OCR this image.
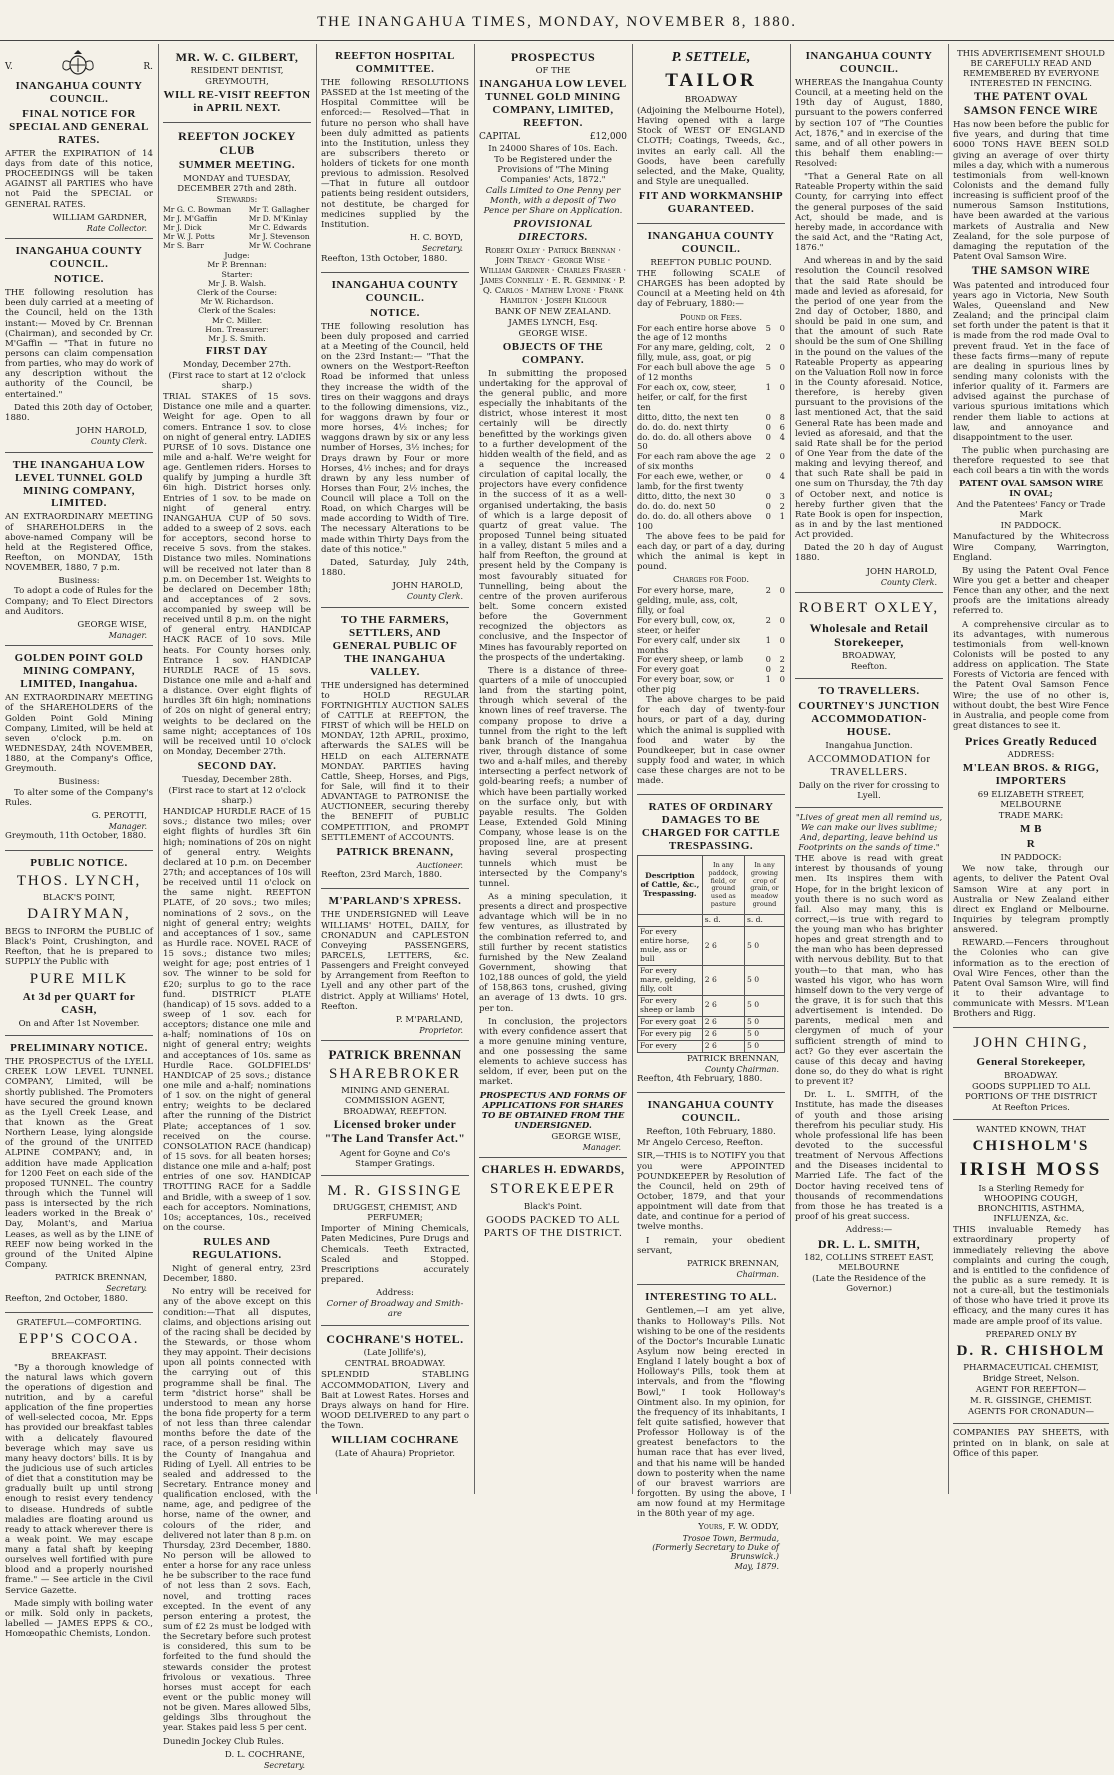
THE INANGAHUA TIMES, MONDAY, NOVEMBER 8, 1880.
V.	R.
INANGAHUA COUNTY COUNCIL.
FINAL NOTICE FOR SPECIAL AND GENERAL RATES.

AFTER the EXPIRATION of 14 days from date of this notice, PROCEEDINGS will be taken AGAINST all PARTIES who have not Paid the SPECIAL or GENERAL RATES.

WILLIAM GARDNER,
Rate Collector.
INANGAHUA COUNTY COUNCIL.
NOTICE.

THE following resolution has been duly carried at a meeting of the Council, held on the 13th instant:— Moved by Cr. Brennan (Chairman), and seconded by Cr. M'Gaffin — "That in future no persons can claim compensation from parties, who may do work of any description without the authority of the Council, be entertained."

Dated this 20th day of October, 1880.

JOHN HAROLD,
County Clerk.
THE INANGAHUA LOW LEVEL TUNNEL GOLD MINING COMPANY, LIMITED.

AN EXTRAORDINARY MEETING of SHAREHOLDERS in the above-named Company will be held at the Registered Office, Reefton, on MONDAY, 15th NOVEMBER, 1880, 7 p.m.

Business:

To adopt a code of Rules for the Company; and To Elect Directors and Auditors.

GEORGE WISE,
Manager.
GOLDEN POINT GOLD MINING COMPANY, LIMITED, Inangahua.

AN EXTRAORDINARY MEETING of the SHAREHOLDERS of the Golden Point Gold Mining Company, Limited, will be held at seven o'clock p.m. on WEDNESDAY, 24th NOVEMBER, 1880, at the Company's Office, Greymouth.

Business:

To alter some of the Company's Rules.

G. PEROTTI,
Manager.

Greymouth, 11th October, 1880.

PUBLIC NOTICE.
THOS. LYNCH,
BLACK'S POINT,
DAIRYMAN,

BEGS to INFORM the PUBLIC of Black's Point, Crushington, and Reefton, that he is prepared to SUPPLY the Public with

PURE MILK
At 3d per QUART for CASH,
On and After 1st November.
PRELIMINARY NOTICE.

THE PROSPECTUS of the LYELL CREEK LOW LEVEL TUNNEL COMPANY, Limited, will be shortly published. The Promoters have secured the ground known as the Lyell Creek Lease, and that known as the Great Northern Lease, lying alongside of the ground of the UNITED ALPINE COMPANY; and, in addition have made Application for 1200 Feet on each side of the proposed TUNNEL. The country through which the Tunnel will pass is intersected by the rich leaders worked in the Break o' Day, Molant's, and Mariua Leases, as well as by the LINE of REEF now being worked in the ground of the United Alpine Company.

PATRICK BRENNAN,
Secretary.

Reefton, 2nd October, 1880.

GRATEFUL—COMFORTING.
EPP'S COCOA.
BREAKFAST.

"By a thorough knowledge of the natural laws which govern the operations of digestion and nutrition, and by a careful application of the fine properties of well-selected cocoa, Mr. Epps has provided our breakfast tables with a delicately flavoured beverage which may save us many heavy doctors' bills. It is by the judicious use of such articles of diet that a constitution may be gradually built up until strong enough to resist every tendency to disease. Hundreds of subtle maladies are floating around us ready to attack wherever there is a weak point. We may escape many a fatal shaft by keeping ourselves well fortified with pure blood and a properly nourished frame." — See article in the Civil Service Gazette.

Made simply with boiling water or milk. Sold only in packets, labelled — JAMES EPPS & CO., Homœopathic Chemists, London.

MR. W. C. GILBERT,
RESIDENT DENTIST,
GREYMOUTH,
WILL RE-VISIT REEFTON in APRIL NEXT.
REEFTON JOCKEY CLUB
SUMMER MEETING.
MONDAY and TUESDAY, DECEMBER 27th and 28th.
Stewards:
Mr G. C. Bowman
Mr J. M'Gaffin
Mr J. Dick
Mr W. J. Potts
Mr S. Barr
Mr T. Gallagher
Mr D. M'Kinlay
Mr C. Edwards
Mr J. Stevenson
Mr W. Cochrane
Judge:
Mr P. Brennan:
Starter:
Mr J. B. Walsh.
Clerk of the Course:
Mr W. Richardson.
Clerk of the Scales:
Mr C. Miller.
Hon. Treasurer:
Mr J. S. Smith.
FIRST DAY
Monday, December 27th.
(First race to start at 12 o'clock sharp.)

TRIAL STAKES of 15 sovs. Distance one mile and a quarter. Weight for age. Open to all comers. Entrance 1 sov. to close on night of general entry. LADIES PURSE of 10 sovs. Distance one mile and a-half. We're weight for age. Gentlemen riders. Horses to qualify by jumping a hurdle 3ft 6in high. District horses only. Entries of 1 sov. to be made on night of general entry. INANGAHUA CUP of 50 sovs. added to a sweep of 2 sovs. each for acceptors, second horse to receive 5 sovs. from the stakes. Distance two miles. Nominations will be received not later than 8 p.m. on December 1st. Weights to be declared on December 18th; and acceptances of 2 sovs. accompanied by sweep will be received until 8 p.m. on the night of general entry. HANDICAP HACK RACE of 10 sovs. Mile heats. For County horses only. Entrance 1 sov. HANDICAP HURDLE RACE of 15 sovs. Distance one mile and a-half and a distance. Over eight flights of hurdles 3ft 6in high; nominations of 20s on night of general entry; weights to be declared on the same night; acceptances of 10s will be received until 10 o'clock on Monday, December 27th.

SECOND DAY.
Tuesday, December 28th.
(First race to start at 12 o'clock sharp.)

HANDICAP HURDLE RACE of 15 sovs.; distance two miles; over eight flights of hurdles 3ft 6in high; nominations of 20s on night of general entry. Weights declared at 10 p.m. on December 27th; and acceptances of 10s will be received until 11 o'clock on the same night. REEFTON PLATE, of 20 sovs.; two miles; nominations of 2 sovs., on the night of general entry; weights and acceptances of 1 sov., same as Hurdle race. NOVEL RACE of 15 sovs.; distance two miles; weight for age; post entries of 1 sov. The winner to be sold for £20; surplus to go to the race fund. DISTRICT PLATE (handicap) of 15 sovs. added to a sweep of 1 sov. each for acceptors; distance one mile and a-half; nominations of 10s on night of general entry; weights and acceptances of 10s. same as Hurdle Race. GOLDFIELDS' HANDICAP of 25 sovs.; distance one mile and a-half; nominations of 1 sov. on the night of general entry; weights to be declared after the running of the District Plate; acceptances of 1 sov. received on the course. CONSOLATION RACE (handicap) of 15 sovs. for all beaten horses; distance one mile and a-half; post entries of one sov. HANDICAP TROTTING RACE for a Saddle and Bridle, with a sweep of 1 sov. each for acceptors. Nominations, 10s; acceptances, 10s., received on the course.

RULES AND REGULATIONS.

Night of general entry, 23rd December, 1880.

No entry will be received for any of the above except on this condition:—That all disputes, claims, and objections arising out of the racing shall be decided by the Stewards, or those whom they may appoint. Their decisions upon all points connected with the carrying out of this programme shall be final. The term "district horse" shall be understood to mean any horse the bona fide property for a term of not less than three calendar months before the date of the race, of a person residing within the County of Inangahua and Riding of Lyell. All entries to be sealed and addressed to the Secretary. Entrance money and qualification enclosed, with the name, age, and pedigree of the horse, name of the owner, and colours of the rider, and delivered not later than 8 p.m. on Thursday, 23rd December, 1880. No person will be allowed to enter a horse for any race unless he be subscriber to the race fund of not less than 2 sovs. Each, novel, and trotting races excepted. In the event of any person entering a protest, the sum of £2 2s must be lodged with the Secretary before such protest is considered, this sum to be forfeited to the fund should the stewards consider the protest frivolous or vexatious. Three horses must accept for each event or the public money will not be given. Mares allowed 5lbs, geldings 3lbs throughout the year. Stakes paid less 5 per cent.

Dunedin Jockey Club Rules.

D. L. COCHRANE,
Secretary.
REEFTON HOSPITAL COMMITTEE.

THE following RESOLUTIONS PASSED at the 1st meeting of the Hospital Committee will be enforced:— Resolved—That in future no person who shall have been duly admitted as patients into the Institution, unless they are subscribers thereto or holders of tickets for one month previous to admission. Resolved—That in future all outdoor patients being resident outsiders, not destitute, be charged for medicines supplied by the Institution.

H. C. BOYD,
Secretary.

Reefton, 13th October, 1880.

INANGAHUA COUNTY COUNCIL.
NOTICE.

THE following resolution has been duly proposed and carried at a Meeting of the Council, held on the 23rd Instant:— "That the owners on the Westport-Reefton Road be informed that unless they increase the width of the tires on their waggons and drays to the following dimensions, viz., for waggons drawn by four or more horses, 4½ inches; for waggons drawn by six or any less number of Horses, 3½ inches; for Drays drawn by Four or more Horses, 4½ inches; and for drays drawn by any less number of Horses than Four, 2½ inches, the Council will place a Toll on the Road, on which Charges will be made according to Width of Tire. The necessary Alterations to be made within Thirty Days from the date of this notice."

Dated, Saturday, July 24th, 1880.

JOHN HAROLD,
County Clerk.
TO THE FARMERS, SETTLERS, AND GENERAL PUBLIC OF THE INANGAHUA VALLEY.

THE undersigned has determined to HOLD REGULAR FORTNIGHTLY AUCTION SALES of CATTLE at REEFTON, the FIRST of which will be HELD on MONDAY, 12th APRIL, proximo, afterwards the SALES will be HELD on each ALTERNATE MONDAY. PARTIES having Cattle, Sheep, Horses, and Pigs, for Sale, will find it to their ADVANTAGE to PATRONISE the AUCTIONEER, securing thereby the BENEFIT of PUBLIC COMPETITION, and PROMPT SETTLEMENT of ACCOUNTS.

PATRICK BRENANN,
Auctioneer.

Reefton, 23rd March, 1880.

M'PARLAND'S XPRESS.

THE UNDERSIGNED will Leave WILLIAMS' HOTEL, DAILY, for CRONADUN and CAPLESTON Conveying PASSENGERS, PARCELS, LETTERS, &c. Passengers and Freight conveyed by Arrangement from Reefton to Lyell and any other part of the district. Apply at Williams' Hotel, Reefton.

P. M'PARLAND,
Proprietor.
PATRICK BRENNAN
SHAREBROKER
MINING AND GENERAL COMMISSION AGENT,
BROADWAY, REEFTON.
Licensed broker under "The Land Transfer Act."
Agent for Goyne and Co's Stamper Gratings.
M. R. GISSINGE
DRUGGEST, CHEMIST, AND PERFUMER;

Importer of Mining Chemicals, Paten Medicines, Pure Drugs and Chemicals. Teeth Extracted, Scaled and Stopped. Prescriptions accurately prepared.

Address:
Corner of Broadway and Smith-are
COCHRANE'S HOTEL.
(Late Jollife's),
CENTRAL BROADWAY.

SPLENDID STABLING ACCOMMODATION, Livery and Bait at Lowest Rates. Horses and Drays always on hand for Hire. WOOD DELIVERED to any part o the Town.

WILLIAM COCHRANE
(Late of Ahaura) Proprietor.
PROSPECTUS
OF THE
INANGAHUA LOW LEVEL TUNNEL GOLD MINING COMPANY, LIMITED, REEFTON.
CAPITAL	£12,000
In 24000 Shares of 10s. Each.
To be Registered under the Provisions of "The Mining Companies' Acts, 1872."
Calls Limited to One Penny per Month, with a deposit of Two Pence per Share on Application.
PROVISIONAL DIRECTORS.
Robert Oxley · Patrick Brennan · John Treacy · George Wise · William Gardner · Charles Fraser · James Connelly · E. R. Gemmink · P. Q. Carlos · Mathew Lyone · Frank Hamilton · Joseph Kilgour
BANK OF NEW ZEALAND.
JAMES LYNCH, Esq.
GEORGE WISE.
OBJECTS OF THE COMPANY.

In submitting the proposed undertaking for the approval of the general public, and more especially the inhabitants of the district, whose interest it most certainly will be directly benefitted by the workings given to a further development of the hidden wealth of the field, and as a sequence the increased circulation of capital locally, the projectors have every confidence in the success of it as a well-organised undertaking, the basis of which is a large deposit of quartz of great value. The proposed Tunnel being situated in a valley, distant 5 miles and a half from Reefton, the ground at present held by the Company is most favourably situated for Tunnelling, being about the centre of the proven auriferous belt. Some concern existed before the Government recognized the objectors as conclusive, and the Inspector of Mines has favourably reported on the prospects of the undertaking.

There is a distance of three-quarters of a mile of unoccupied land from the starting point, through which several of the known lines of reef traverse. The company propose to drive a tunnel from the right to the left bank branch of the Inangahua river, through distance of some two and a-half miles, and thereby intersecting a perfect network of gold-bearing reefs; a number of which have been partially worked on the surface only, but with payable results. The Golden Lease, Extended Gold Mining Company, whose lease is on the proposed line, are at present having several prospecting tunnels which must be intersected by the Company's tunnel.

As a mining speculation, it presents a direct and prospective advantage which will be in no few ventures, as illustrated by the combination referred to, and still further by recent statistics furnished by the New Zealand Government, showing that 102,188 ounces of gold, the yield of 158,863 tons, crushed, giving an average of 13 dwts. 10 grs. per ton.

In conclusion, the projectors with every confidence assert that a more genuine mining venture, and one possessing the same elements to achieve success has seldom, if ever, been put on the market.

PROSPECTUS AND FORMS OF APPLICATIONS FOR SHARES TO BE OBTAINED FROM THE UNDERSIGNED.
GEORGE WISE,
Manager.
CHARLES H. EDWARDS,
STOREKEEPER
Black's Point.
GOODS PACKED TO ALL PARTS OF THE DISTRICT.
P. SETTELE,
TAILOR
BROADWAY

(Adjoining the Melbourne Hotel), Having opened with a large Stock of WEST OF ENGLAND CLOTH; Coatings, Tweeds, &c., invites an early call. All the Goods, have been carefully selected, and the Make, Quality, and Style are unequalled.

FIT AND WORKMANSHIP GUARANTEED.
INANGAHUA COUNTY COUNCIL.
REEFTON PUBLIC POUND.

THE following SCALE of CHARGES has been adopted by Council at a Meeting held on 4th day of February, 1880:—

Pound or Fees.
For each entire horse above the age of 12 months	5	0
For any mare, gelding, colt, filly, mule, ass, goat, or pig	2	0
For each bull above the age of 12 months	5	0
For each ox, cow, steer, heifer, or calf, for the first ten	1	0
ditto, ditto, the next ten	0	8
do. do. do. next thirty	0	6
do. do. do. all others above 50	0	4
For each ram above the age of six months	2	0
For each ewe, wether, or lamb, for the first twenty	0	4
ditto, ditto, the next 30	0	3
do. do. do. next 50	0	2
do. do. do. all others above 100	0	1

The above fees to be paid for each day, or part of a day, during which the animal is kept in pound.

Charges for Food.
For every horse, mare, gelding, mule, ass, colt, filly, or foal	2	0
For every bull, cow, ox, steer, or heifer	2	0
For every calf, under six months	1	0
For every sheep, or lamb	0	2
For every goat	0	2
For every boar, sow, or other pig	1	0

The above charges to be paid for each day of twenty-four hours, or part of a day, during which the animal is supplied with food and water by the Poundkeeper, but in case owner supply food and water, in which case these charges are not to be made.

RATES OF ORDINARY DAMAGES TO BE CHARGED FOR CATTLE TRESPASSING.
Description of Cattle, &c., Trespassing.	In any paddock, field, or ground used as pasture	In any growing crop of grain, or meadow ground
	s. d.	s. d.
For every entire horse, mule, ass or bull	2 6	5 0
For every mare, gelding, filly, colt	2 6	5 0
For every sheep or lamb	2 6	5 0
For every goat	2 6	5 0
For every pig	2 6	5 0
For every	2 6	5 0
PATRICK BRENNAN,
County Chairman.

Reefton, 4th February, 1880.

INANGAHUA COUNTY COUNCIL.
Reefton, 10th February, 1880.

Mr Angelo Cerceso, Reefton.

SIR,—THIS is to NOTIFY you that you were APPOINTED POUNDKEEPER by Resolution of the Council, held on 29th of October, 1879, and that your appointment will date from that date, and continue for a period of twelve months.

I remain, your obedient servant,

PATRICK BRENNAN,
Chairman.
INTERESTING TO ALL.

Gentlemen,—I am yet alive, thanks to Holloway's Pills. Not wishing to be one of the residents of the Doctor's Incurable Lunatic Asylum now being erected in England I lately bought a box of Holloway's Pills, took them at intervals, and from the "flowing Bowl," I took Holloway's Ointment also. In my opinion, for the frequency of its inhabitants, I felt quite satisfied, however that Professor Holloway is of the greatest benefactors to the human race that has ever lived, and that his name will be handed down to posterity when the name of our bravest warriors are forgotten. By using the above, I am now found at my Hermitage in the 80th year of my age.

Yours, F. W. ODDY,
Trosoe Town, Bermuda,
(Formerly Secretary to Duke of Brunswick.)
May, 1879.
INANGAHUA COUNTY COUNCIL.

WHEREAS the Inangahua County Council, at a meeting held on the 19th day of August, 1880, pursuant to the powers conferred by section 107 of "The Counties Act, 1876," and in exercise of the same, and of all other powers in this behalf them enabling:—Resolved:

"That a General Rate on all Rateable Property within the said County, for carrying into effect the general purposes of the said Act, should be made, and is hereby made, in accordance with the said Act, and the "Rating Act, 1876."

And whereas in and by the said resolution the Council resolved that the said Rate should be made and levied as aforesaid, for the period of one year from the 2nd day of October, 1880, and should be paid in one sum, and that the amount of such Rate should be the sum of One Shilling in the pound on the values of the Rateable Property as appearing on the Valuation Roll now in force in the County aforesaid. Notice, therefore, is hereby given pursuant to the provisions of the last mentioned Act, that the said General Rate has been made and levied as aforesaid, and that the said Rate shall be for the period of One Year from the date of the making and levying thereof, and that such Rate shall be paid in one sum on Thursday, the 7th day of October next, and notice is hereby further given that the Rate Book is open for inspection, as in and by the last mentioned Act provided.

Dated the 20 h day of August 1880.

JOHN HAROLD,
County Clerk.
ROBERT OXLEY,
Wholesale and Retail Storekeeper,
BROADWAY,
Reefton.
TO TRAVELLERS.
COURTNEY'S JUNCTION ACCOMMODATION-HOUSE.
Inangahua Junction.
ACCOMMODATION for TRAVELLERS.
Daily on the river for crossing to Lyell.
"Lives of great men all remind us, We can make our lives sublime; And, departing, leave behind us Footprints on the sands of time."

THE above is read with great interest by thousands of young men. Its inspires them with Hope, for in the bright lexicon of youth there is no such word as fail. Also may many, this is correct,—is true with regard to the young man who has brighter hopes and great strength and to the man who has been depressed with nervous debility. But to that youth—to that man, who has wasted his vigor, who has worn himself down to the very verge of the grave, it is for such that this advertisement is intended. Do parents, medical men and clergymen of much of your sufficient strength of mind to act? Go they ever ascertain the cause of this decay and having done so, do they do what is right to prevent it?

Dr. L. L. SMITH, of the Institute, has made the diseases of youth and those arising therefrom his peculiar study. His whole professional life has been devoted to the successful treatment of Nervous Affections and the Diseases incidental to Married Life. The fact of the Doctor having received tens of thousands of recommendations from those he has treated is a proof of his great success.

Address:—
DR. L. L. SMITH,
182, COLLINS STREET EAST, MELBOURNE
(Late the Residence of the Governor.)
THIS ADVERTISEMENT SHOULD BE CAREFULLY READ AND REMEMBERED BY EVERYONE INTERESTED IN FENCING.
THE PATENT OVAL SAMSON FENCE WIRE

Has now been before the public for five years, and during that time 6000 TONS HAVE BEEN SOLD giving an average of over thirty miles a day, which with a numerous testimonials from well-known Colonists and the demand fully increasing is sufficient proof of the numerous Samson Institutions, have been awarded at the various markets of Australia and New Zealand, for the sole purpose of damaging the reputation of the Patent Oval Samson Wire.

THE SAMSON WIRE

Was patented and introduced four years ago in Victoria, New South Wales, Queensland and New Zealand; and the principal claim set forth under the patent is that it is made from the rod made Oval to prevent fraud. Yet in the face of these facts firms—many of repute are dealing in spurious lines by sending many colonists with the inferior quality of it. Farmers are advised against the purchase of various spurious imitations which render them liable to actions at law, and annoyance and disappointment to the user.

The public when purchasing are therefore requested to see that each coil bears a tin with the words

PATENT OVAL SAMSON WIRE IN OVAL;
And the Patentees' Fancy or Trade Mark
IN PADDOCK.

Manufactured by the Whitecross Wire Company, Warrington, England.

By using the Patent Oval Fence Wire you get a better and cheaper Fence than any other, and the next proofs are the imitations already referred to.

A comprehensive circular as to its advantages, with numerous testimonials from well-known Colonists will be posted to any address on application. The State Forests of Victoria are fenced with the Patent Oval Samson Fence Wire; the use of no other is, without doubt, the best Wire Fence in Australia, and people come from great distances to see it.

Prices Greatly Reduced
ADDRESS:
M'LEAN BROS. & RIGG, IMPORTERS
69 ELIZABETH STREET, MELBOURNE
TRADE MARK:
M B
R
IN PADDOCK:

We now take, through our agents, to deliver the Patent Oval Samson Wire at any port in Australia or New Zealand either direct ex England or Melbourne. Inquiries by telegram promptly answered.

REWARD.—Fencers throughout the Colonies who can give information as to the erection of Oval Wire Fences, other than the Patent Oval Samson Wire, will find it to their advantage to communicate with Messrs. M'Lean Brothers and Rigg.

JOHN CHING,
General Storekeeper,
BROADWAY.
GOODS SUPPLIED TO ALL PORTIONS OF THE DISTRICT
At Reefton Prices.
WANTED KNOWN, THAT
CHISHOLM'S
IRISH MOSS
Is a Sterling Remedy for WHOOPING COUGH, BRONCHITIS, ASTHMA, INFLUENZA, &c.

THIS invaluable Remedy has extraordinary property of immediately relieving the above complaints and curing the cough, and is entitled to the confidence of the public as a sure remedy. It is not a cure-all, but the testimonials of those who have tried it prove its efficacy, and the many cures it has made are ample proof of its value.

PREPARED ONLY BY
D. R. CHISHOLM
PHARMACEUTICAL CHEMIST,
Bridge Street, Nelson.
AGENT FOR REEFTON—
M. R. GISSINGE, CHEMIST.
AGENTS FOR CRONADUN—

COMPANIES PAY SHEETS, with printed on in blank, on sale at Office of this paper.
